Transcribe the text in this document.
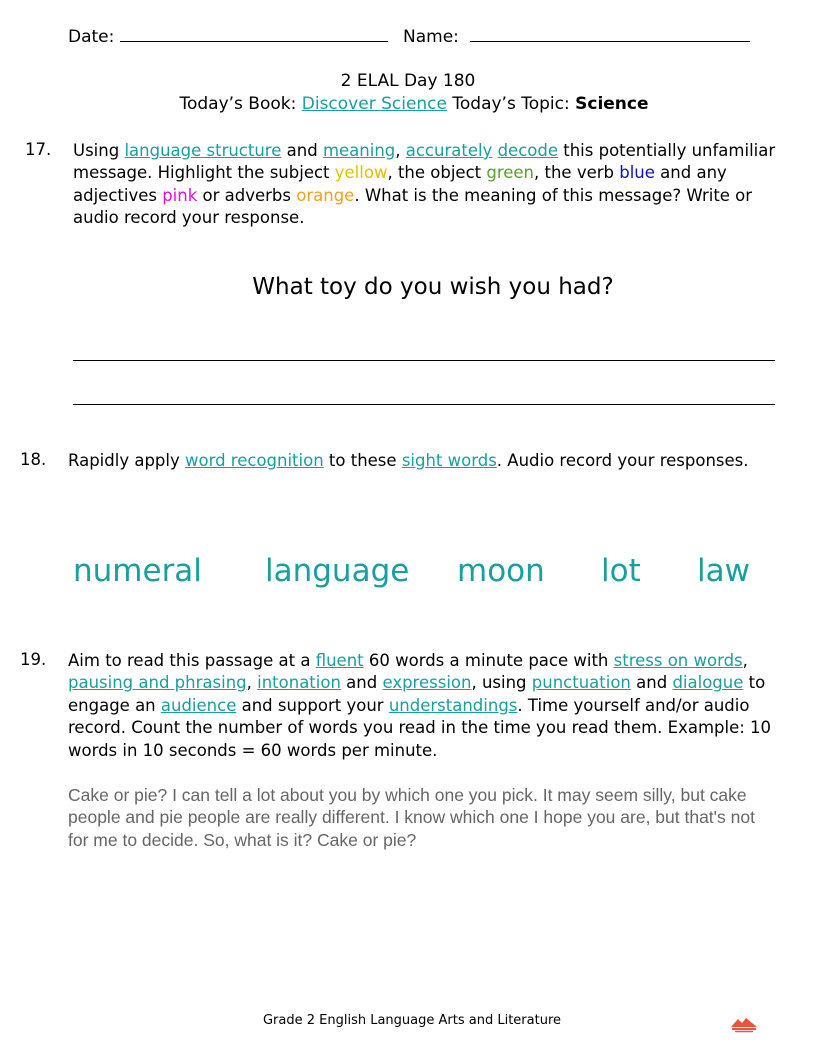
Date:	Name:
2 ELAL Day 180
Today’s Book: Discover Science Today’s Topic: Science
17. Using language structure and meaning, accurately decode this potentially unfamiliar message. Highlight the subject yellow, the object green, the verb blue and any adjectives pink or adverbs orange. What is the meaning of this message? Write or audio record your response.
What toy do you wish you had?
18. Rapidly apply word recognition to these sight words. Audio record your responses.
numeral language moon lot law
19. Aim to read this passage at a fluent 60 words a minute pace with stress on words, pausing and phrasing, intonation and expression, using punctuation and dialogue to engage an audience and support your understandings. Time yourself and/or audio record. Count the number of words you read in the time you read them. Example: 10 words in 10 seconds = 60 words per minute.
Cake or pie? I can tell a lot about you by which one you pick. It may seem silly, but cake people and pie people are really different. I know which one I hope you are, but that's not for me to decide. So, what is it? Cake or pie?
Grade 2 English Language Arts and Literature
